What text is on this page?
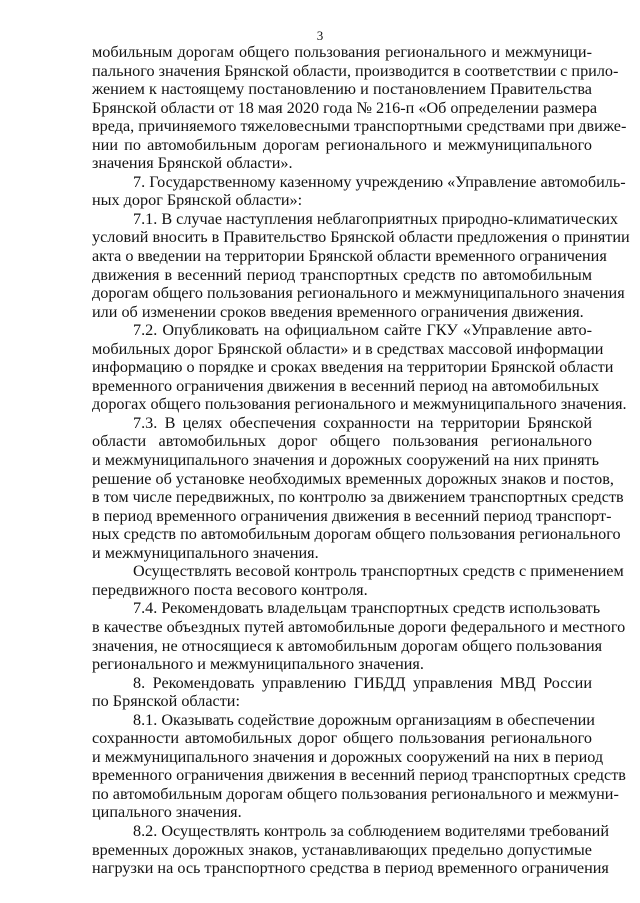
3
мобильным дорогам общего пользования регионального и межмуници-
пального значения Брянской области, производится в соответствии с прило-
жением к настоящему постановлению и постановлением Правительства
Брянской области от 18 мая 2020 года № 216-п «Об определении размера
вреда, причиняемого тяжеловесными транспортными средствами при движе-
нии по автомобильным дорогам регионального и межмуниципального
значения Брянской области».
7. Государственному казенному учреждению «Управление автомобиль-
ных дорог Брянской области»:
7.1. В случае наступления неблагоприятных природно-климатических
условий вносить в Правительство Брянской области предложения о принятии
акта о введении на территории Брянской области временного ограничения
движения в весенний период транспортных средств по автомобильным
дорогам общего пользования регионального и межмуниципального значения
или об изменении сроков введения временного ограничения движения.
7.2. Опубликовать на официальном сайте ГКУ «Управление авто-
мобильных дорог Брянской области» и в средствах массовой информации
информацию о порядке и сроках введения на территории Брянской области
временного ограничения движения в весенний период на автомобильных
дорогах общего пользования регионального и межмуниципального значения.
7.3. В целях обеспечения сохранности на территории Брянской
области автомобильных дорог общего пользования регионального
и межмуниципального значения и дорожных сооружений на них принять
решение об установке необходимых временных дорожных знаков и постов,
в том числе передвижных, по контролю за движением транспортных средств
в период временного ограничения движения в весенний период транспорт-
ных средств по автомобильным дорогам общего пользования регионального
и межмуниципального значения.
Осуществлять весовой контроль транспортных средств с применением
передвижного поста весового контроля.
7.4. Рекомендовать владельцам транспортных средств использовать
в качестве объездных путей автомобильные дороги федерального и местного
значения, не относящиеся к автомобильным дорогам общего пользования
регионального и межмуниципального значения.
8. Рекомендовать управлению ГИБДД управления МВД России
по Брянской области:
8.1. Оказывать содействие дорожным организациям в обеспечении
сохранности автомобильных дорог общего пользования регионального
и межмуниципального значения и дорожных сооружений на них в период
временного ограничения движения в весенний период транспортных средств
по автомобильным дорогам общего пользования регионального и межмуни-
ципального значения.
8.2. Осуществлять контроль за соблюдением водителями требований
временных дорожных знаков, устанавливающих предельно допустимые
нагрузки на ось транспортного средства в период временного ограничения
